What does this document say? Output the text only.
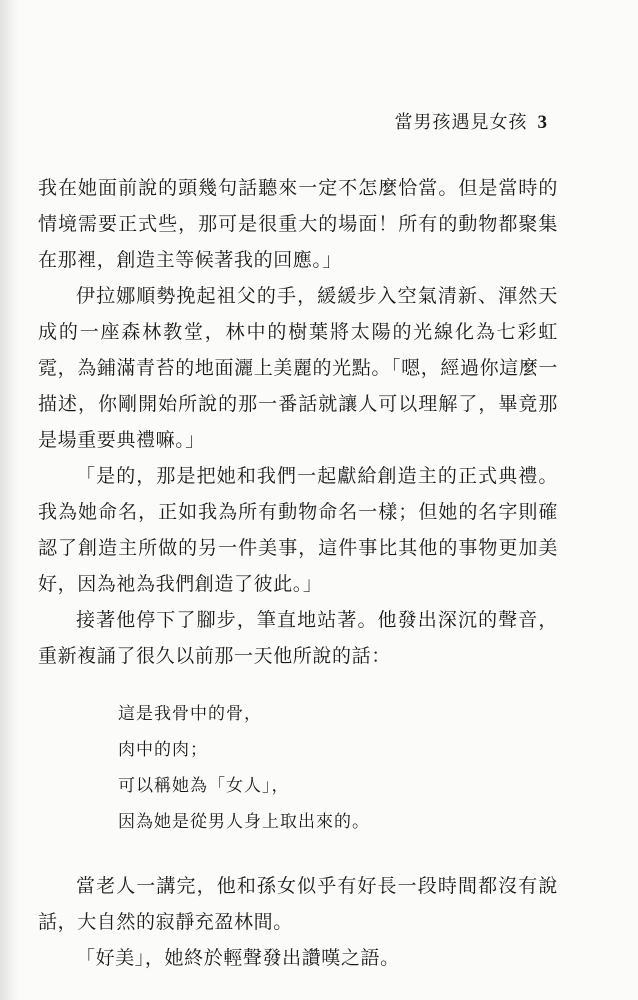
當男孩遇見女孩 3

我在她面前說的頭幾句話聽來一定不怎麼恰當。但是當時的情境需要正式些，那可是很重大的場面！所有的動物都聚集在那裡，創造主等候著我的回應。」

伊拉娜順勢挽起祖父的手，緩緩步入空氣清新、渾然天成的一座森林教堂，林中的樹葉將太陽的光線化為七彩虹霓，為鋪滿青苔的地面灑上美麗的光點。「嗯，經過你這麼一描述，你剛開始所說的那一番話就讓人可以理解了，畢竟那是場重要典禮嘛。」

「是的，那是把她和我們一起獻給創造主的正式典禮。我為她命名，正如我為所有動物命名一樣；但她的名字則確認了創造主所做的另一件美事，這件事比其他的事物更加美好，因為祂為我們創造了彼此。」

接著他停下了腳步，筆直地站著。他發出深沉的聲音，重新複誦了很久以前那一天他所說的話：

這是我骨中的骨，
肉中的肉；
可以稱她為「女人」，
因為她是從男人身上取出來的。

當老人一講完，他和孫女似乎有好長一段時間都沒有說話，大自然的寂靜充盈林間。

「好美」，她終於輕聲發出讚嘆之語。
